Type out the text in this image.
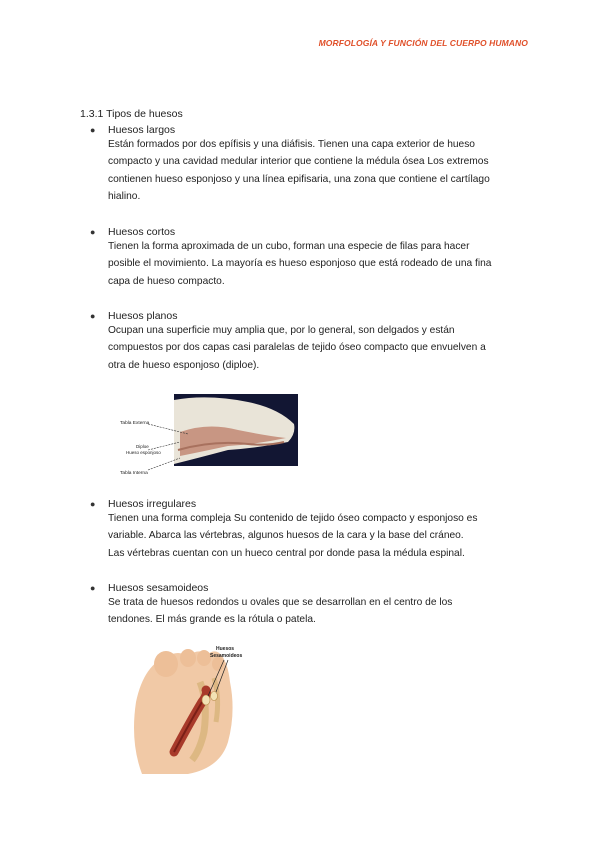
MORFOLOGÍA Y FUNCIÓN DEL CUERPO HUMANO
1.3.1 Tipos de huesos
●	Huesos largos
Están formados por dos epífisis y una diáfisis. Tienen una capa exterior de hueso
compacto y una cavidad medular interior que contiene la médula ósea Los extremos
contienen hueso esponjoso y una línea epifisaria, una zona que contiene el cartílago
hialino.
●	Huesos cortos
Tienen la forma aproximada de un cubo, forman una especie de filas para hacer
posible el movimiento. La mayoría es hueso esponjoso que está rodeado de una fina
capa de hueso compacto.
●	Huesos planos
Ocupan una superficie muy amplia que, por lo general, son delgados y están
compuestos por dos capas casi paralelas de tejido óseo compacto que envuelven a
otra de hueso esponjoso (diploe).
Tabla Externa
Diploe
Hueso esponjoso
Tabla Interna
●	Huesos irregulares
Tienen una forma compleja Su contenido de tejido óseo compacto y esponjoso es
variable. Abarca las vértebras, algunos huesos de la cara y la base del cráneo.
Las vértebras cuentan con un hueco central por donde pasa la médula espinal.
●	Huesos sesamoideos
Se trata de huesos redondos u ovales que se desarrollan en el centro de los
tendones. El más grande es la rótula o patela.
Huesos
Sesamoideos
